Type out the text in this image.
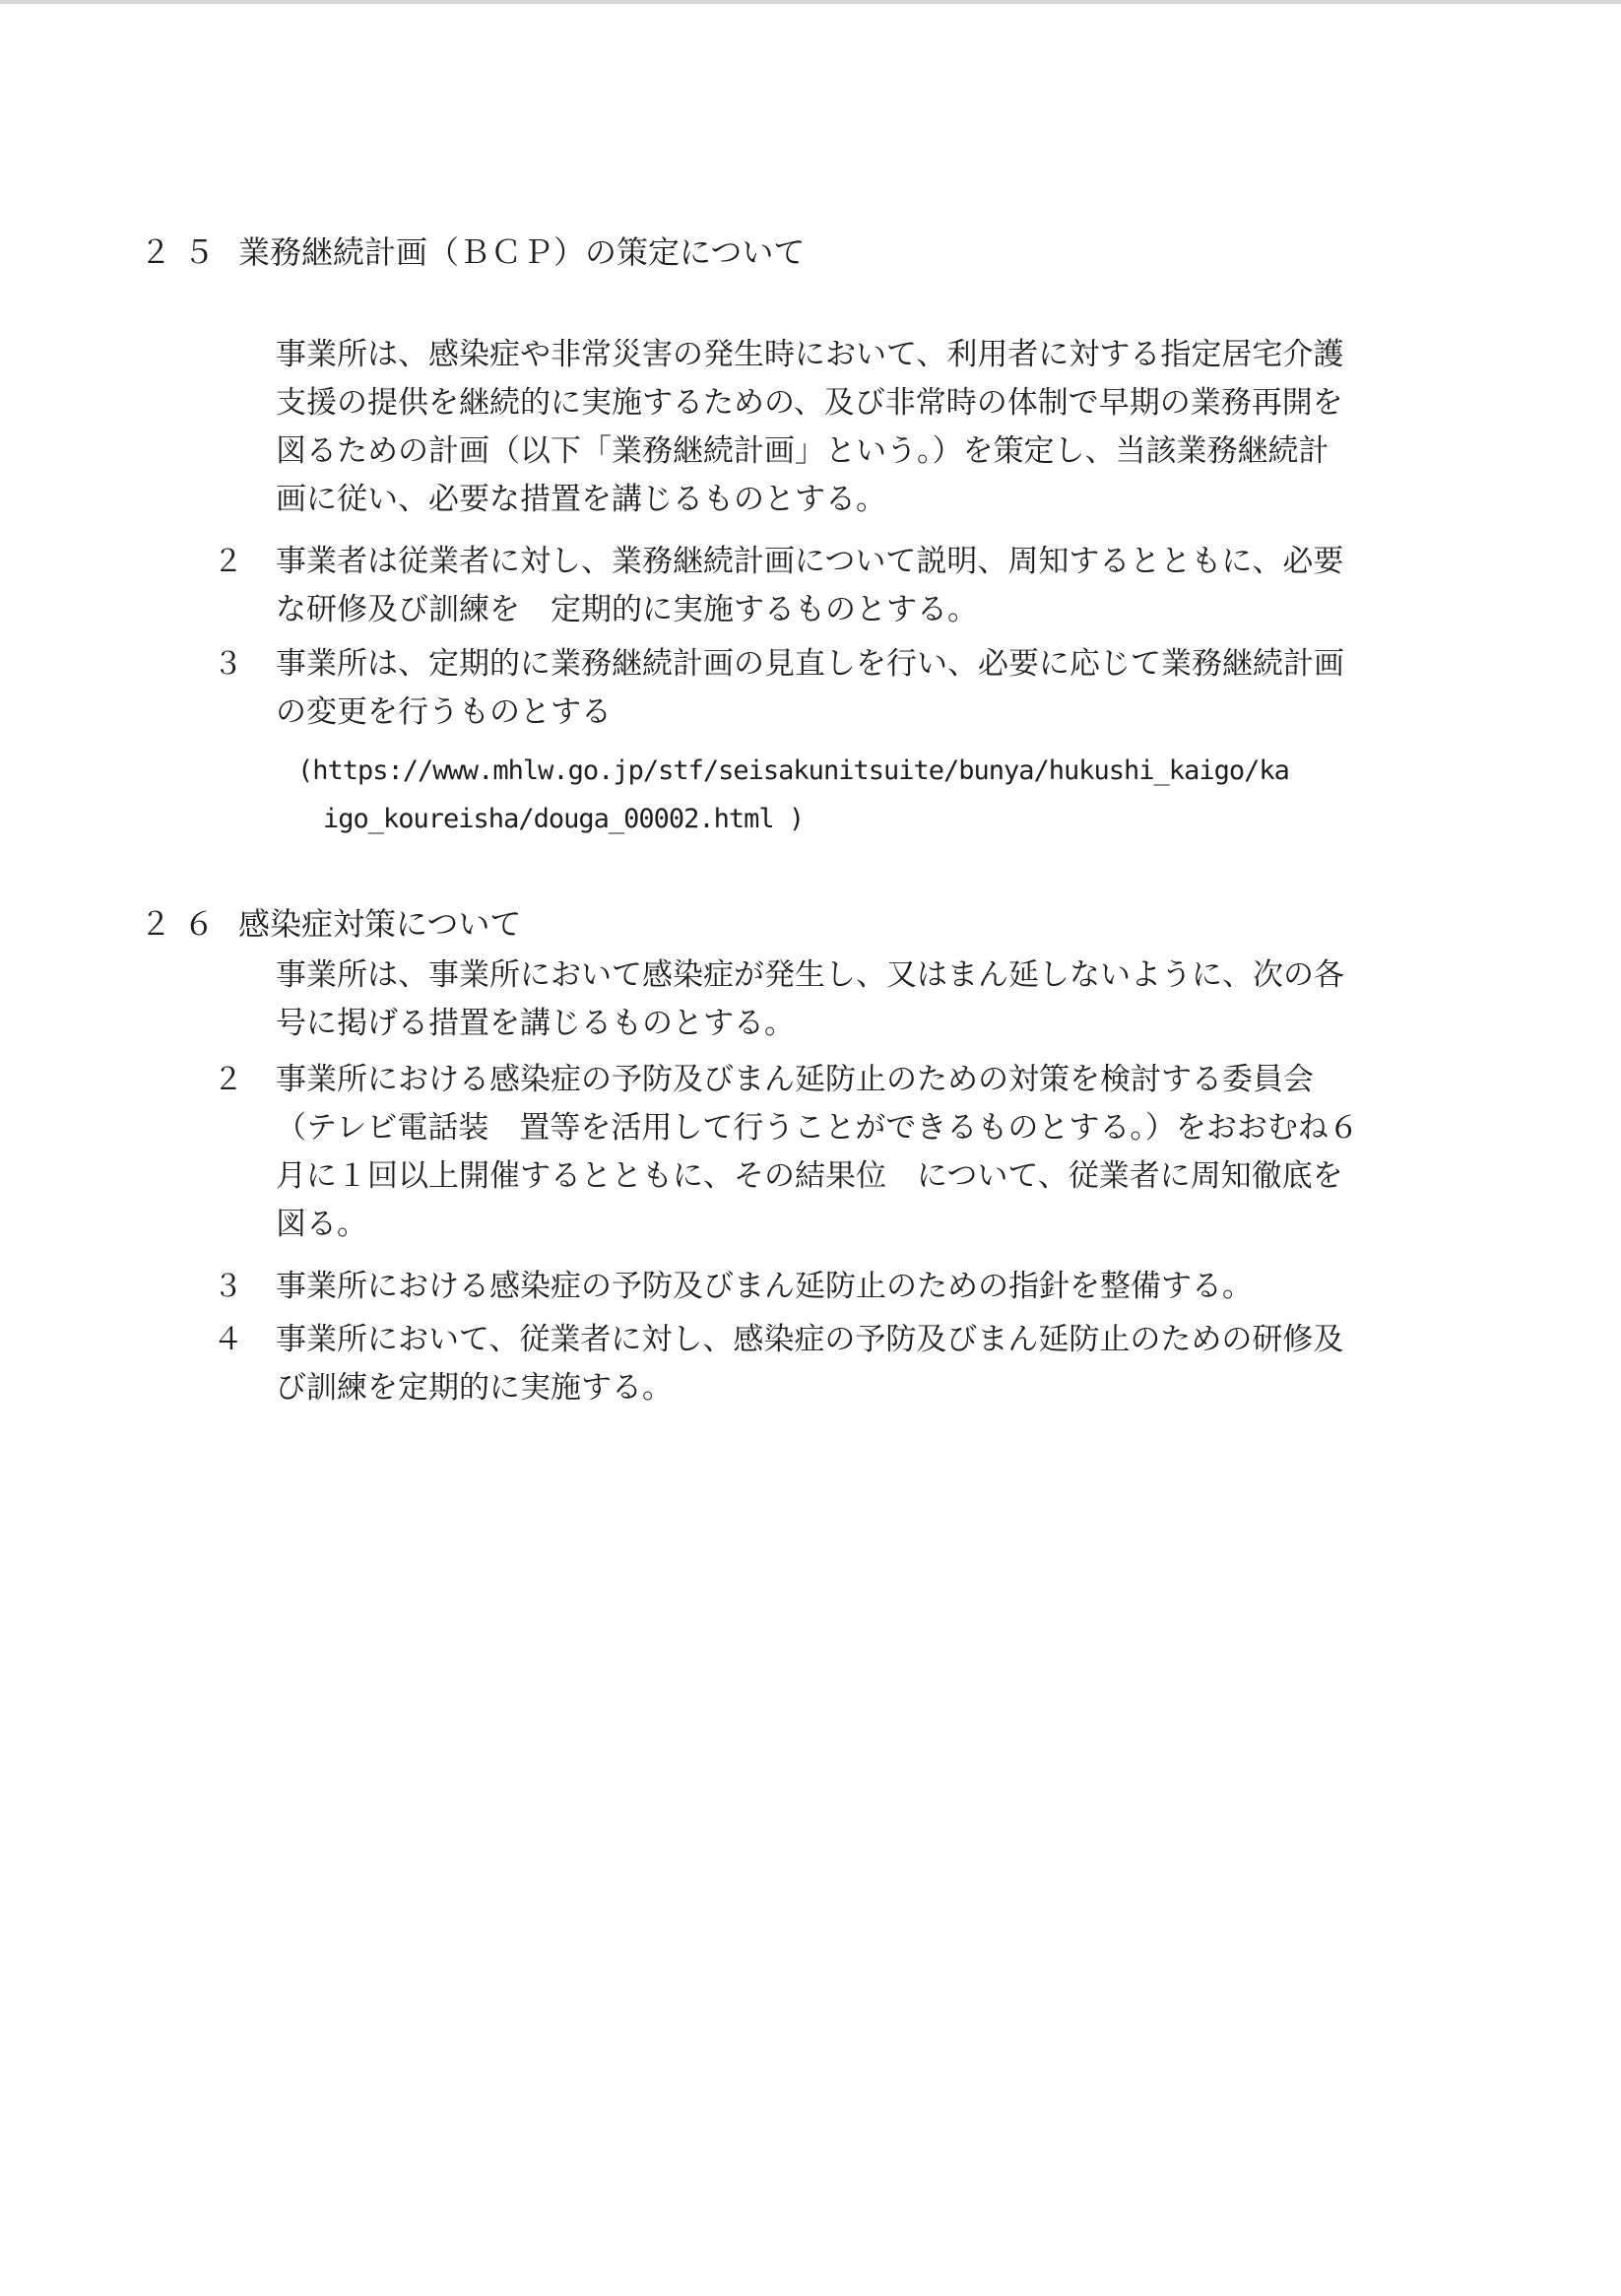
２５ 業務継続計画（ＢＣＰ）の策定について
事業所は、感染症や非常災害の発生時において、利用者に対する指定居宅介護
支援の提供を継続的に実施するための、及び非常時の体制で早期の業務再開を
図るための計画（以下「業務継続計画」という。）を策定し、当該業務継続計
画に従い、必要な措置を講じるものとする。
２ 事業者は従業者に対し、業務継続計画について説明、周知するとともに、必要
な研修及び訓練を　定期的に実施するものとする。
３ 事業所は、定期的に業務継続計画の見直しを行い、必要に応じて業務継続計画
の変更を行うものとする
(https://www.mhlw.go.jp/stf/seisakunitsuite/bunya/hukushi_kaigo/ka
igo_koureisha/douga_00002.html )
２６ 感染症対策について
事業所は、事業所において感染症が発生し、又はまん延しないように、次の各
号に掲げる措置を講じるものとする。
２ 事業所における感染症の予防及びまん延防止のための対策を検討する委員会
（テレビ電話装　置等を活用して行うことができるものとする。）をおおむね６
月に１回以上開催するとともに、その結果位　について、従業者に周知徹底を
図る。
３ 事業所における感染症の予防及びまん延防止のための指針を整備する。
４ 事業所において、従業者に対し、感染症の予防及びまん延防止のための研修及
び訓練を定期的に実施する。
